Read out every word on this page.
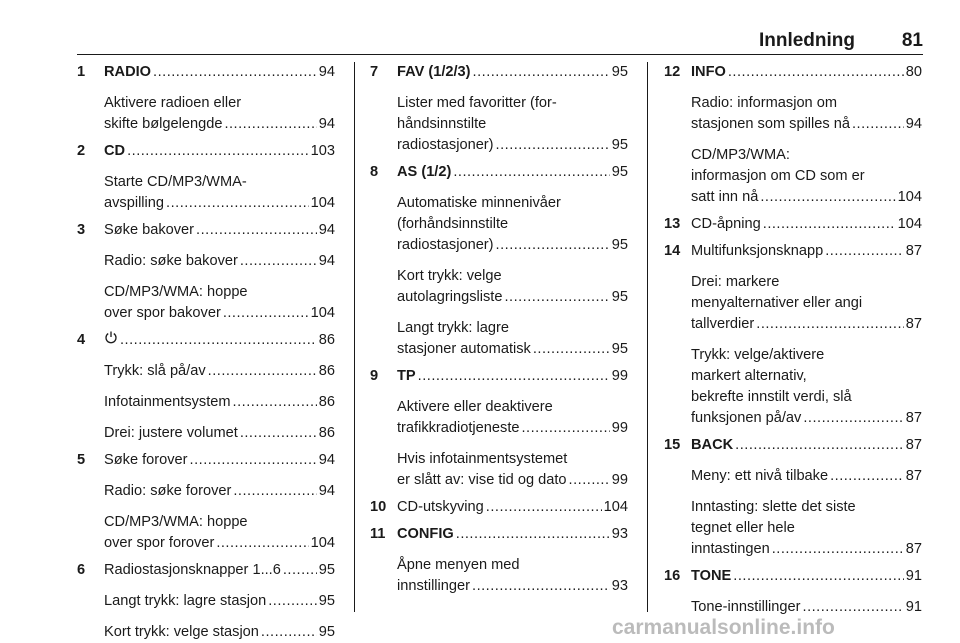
Innledning 81
1 RADIO .....	94
Aktivere radioen eller
skifte bølgelengde .....	94
2 CD .....	103
Starte CD/MP3/WMA-
avspilling .....	104
3 Søke bakover .....	94
Radio: søke bakover .....	94
CD/MP3/WMA: hoppe
over spor bakover .....	104
4 .....	86
Trykk: slå på/av .....	86
Infotainmentsystem .....	86
Drei: justere volumet .....	86
5 Søke forover .....	94
Radio: søke forover .....	94
CD/MP3/WMA: hoppe
over spor forover .....	104
6 Radiostasjonsknapper 1...6 .....	95
Langt trykk: lagre stasjon .....	95
Kort trykk: velge stasjon .....	95
7 FAV (1/2/3) .....	95
Lister med favoritter (for-
håndsinnstilte
radiostasjoner) .....	95
8 AS (1/2) .....	95
Automatiske minnenivåer
(forhåndsinnstilte
radiostasjoner) .....	95
Kort trykk: velge
autolagringsliste .....	95
Langt trykk: lagre
stasjoner automatisk .....	95
9 TP .....	99
Aktivere eller deaktivere
trafikkradiotjeneste .....	99
Hvis infotainmentsystemet
er slått av: vise tid og dato .....	99
10 CD-utskyving .....	104
11 CONFIG .....	93
Åpne menyen med
innstillinger .....	93
12 INFO .....	80
Radio: informasjon om
stasjonen som spilles nå .....	94
CD/MP3/WMA:
informasjon om CD som er
satt inn nå .....	104
13 CD-åpning .....	104
14 Multifunksjonsknapp .....	87
Drei: markere
menyalternativer eller angi
tallverdier .....	87
Trykk: velge/aktivere
markert alternativ,
bekrefte innstilt verdi, slå
funksjonen på/av .....	87
15 BACK .....	87
Meny: ett nivå tilbake .....	87
Inntasting: slette det siste
tegnet eller hele
inntastingen .....	87
16 TONE .....	91
Tone-innstillinger .....	91
carmanualsonline.info
